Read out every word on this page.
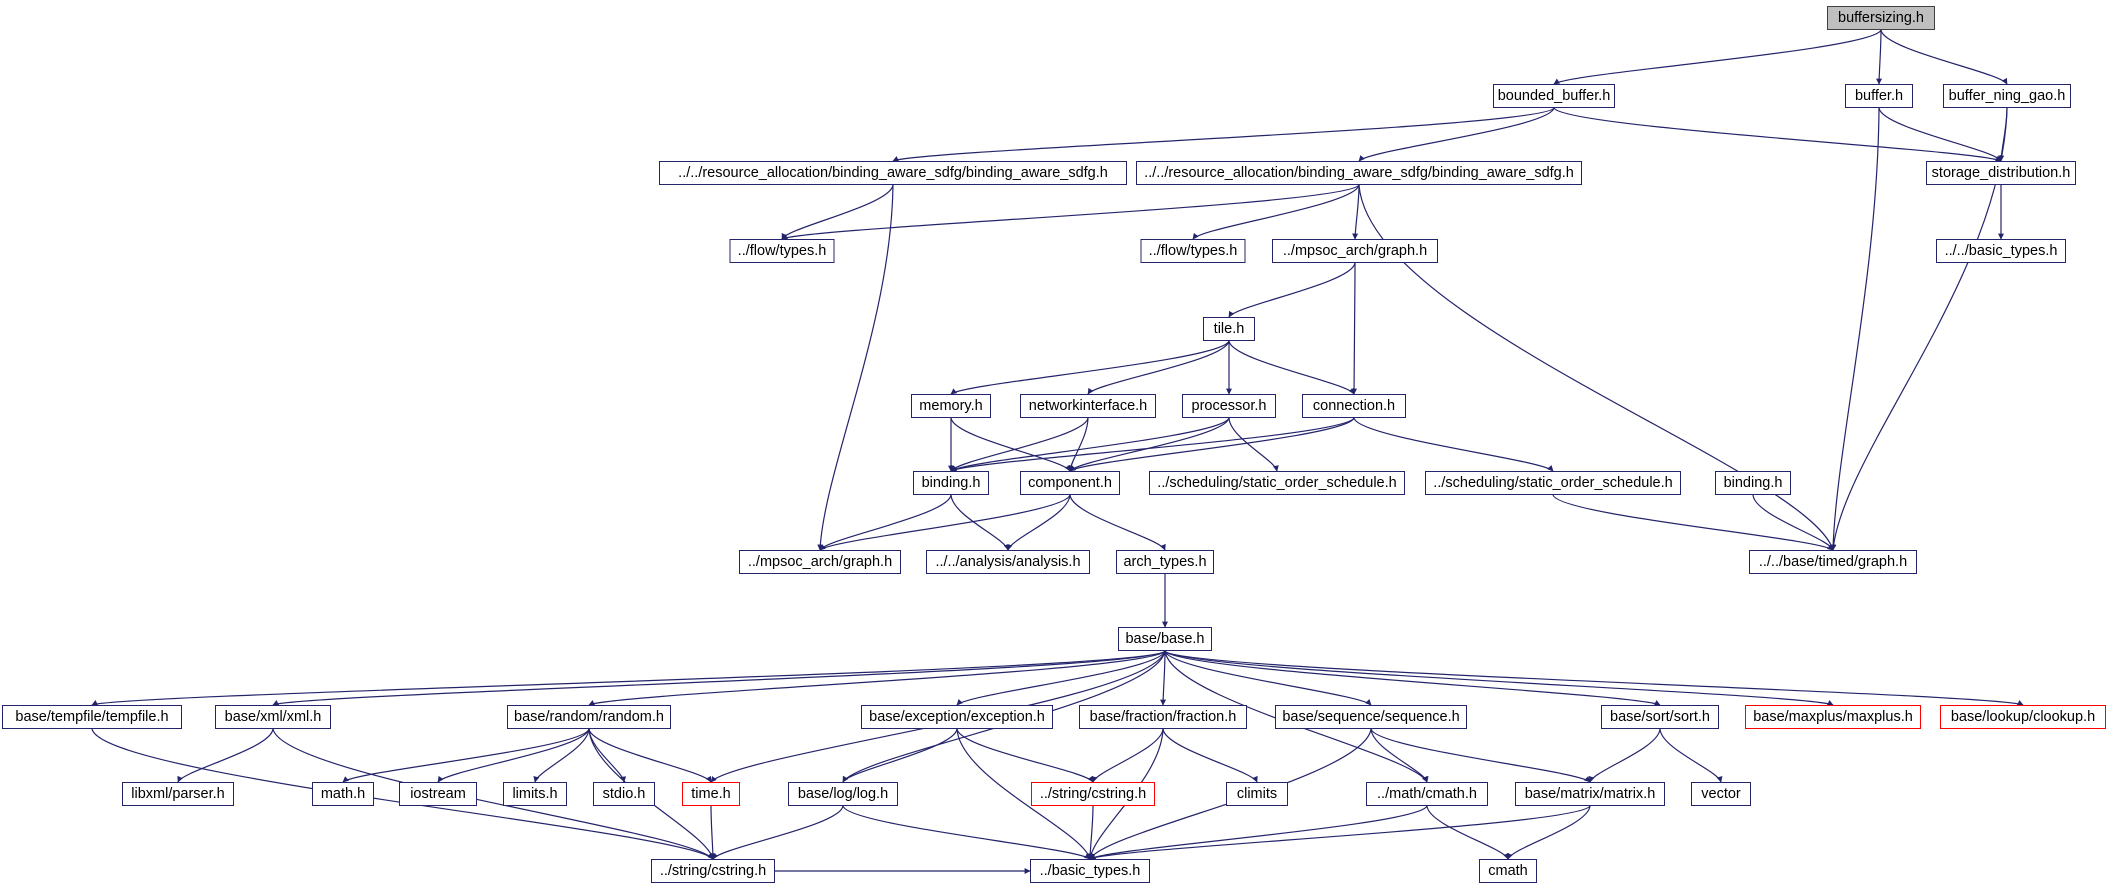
buffersizing.h
bounded_buffer.h	buffer.h	buffer_ning_gao.h
../../resource_allocation/binding_aware_sdfg/binding_aware_sdfg.h	../../resource_allocation/binding_aware_sdfg/binding_aware_sdfg.h	storage_distribution.h
../flow/types.h	../flow/types.h	../mpsoc_arch/graph.h	../../basic_types.h
tile.h
memory.h	networkinterface.h	processor.h	connection.h
binding.h	component.h	../scheduling/static_order_schedule.h	../scheduling/static_order_schedule.h	binding.h
../mpsoc_arch/graph.h	../../analysis/analysis.h	arch_types.h	../../base/timed/graph.h
base/base.h
base/tempfile/tempfile.h	base/xml/xml.h	base/random/random.h	base/exception/exception.h	base/fraction/fraction.h	base/sequence/sequence.h	base/sort/sort.h	base/maxplus/maxplus.h	base/lookup/clookup.h
libxml/parser.h	math.h	iostream	limits.h	stdio.h	time.h	base/log/log.h	../string/cstring.h	climits	../math/cmath.h	base/matrix/matrix.h	vector
../string/cstring.h	../basic_types.h	cmath
